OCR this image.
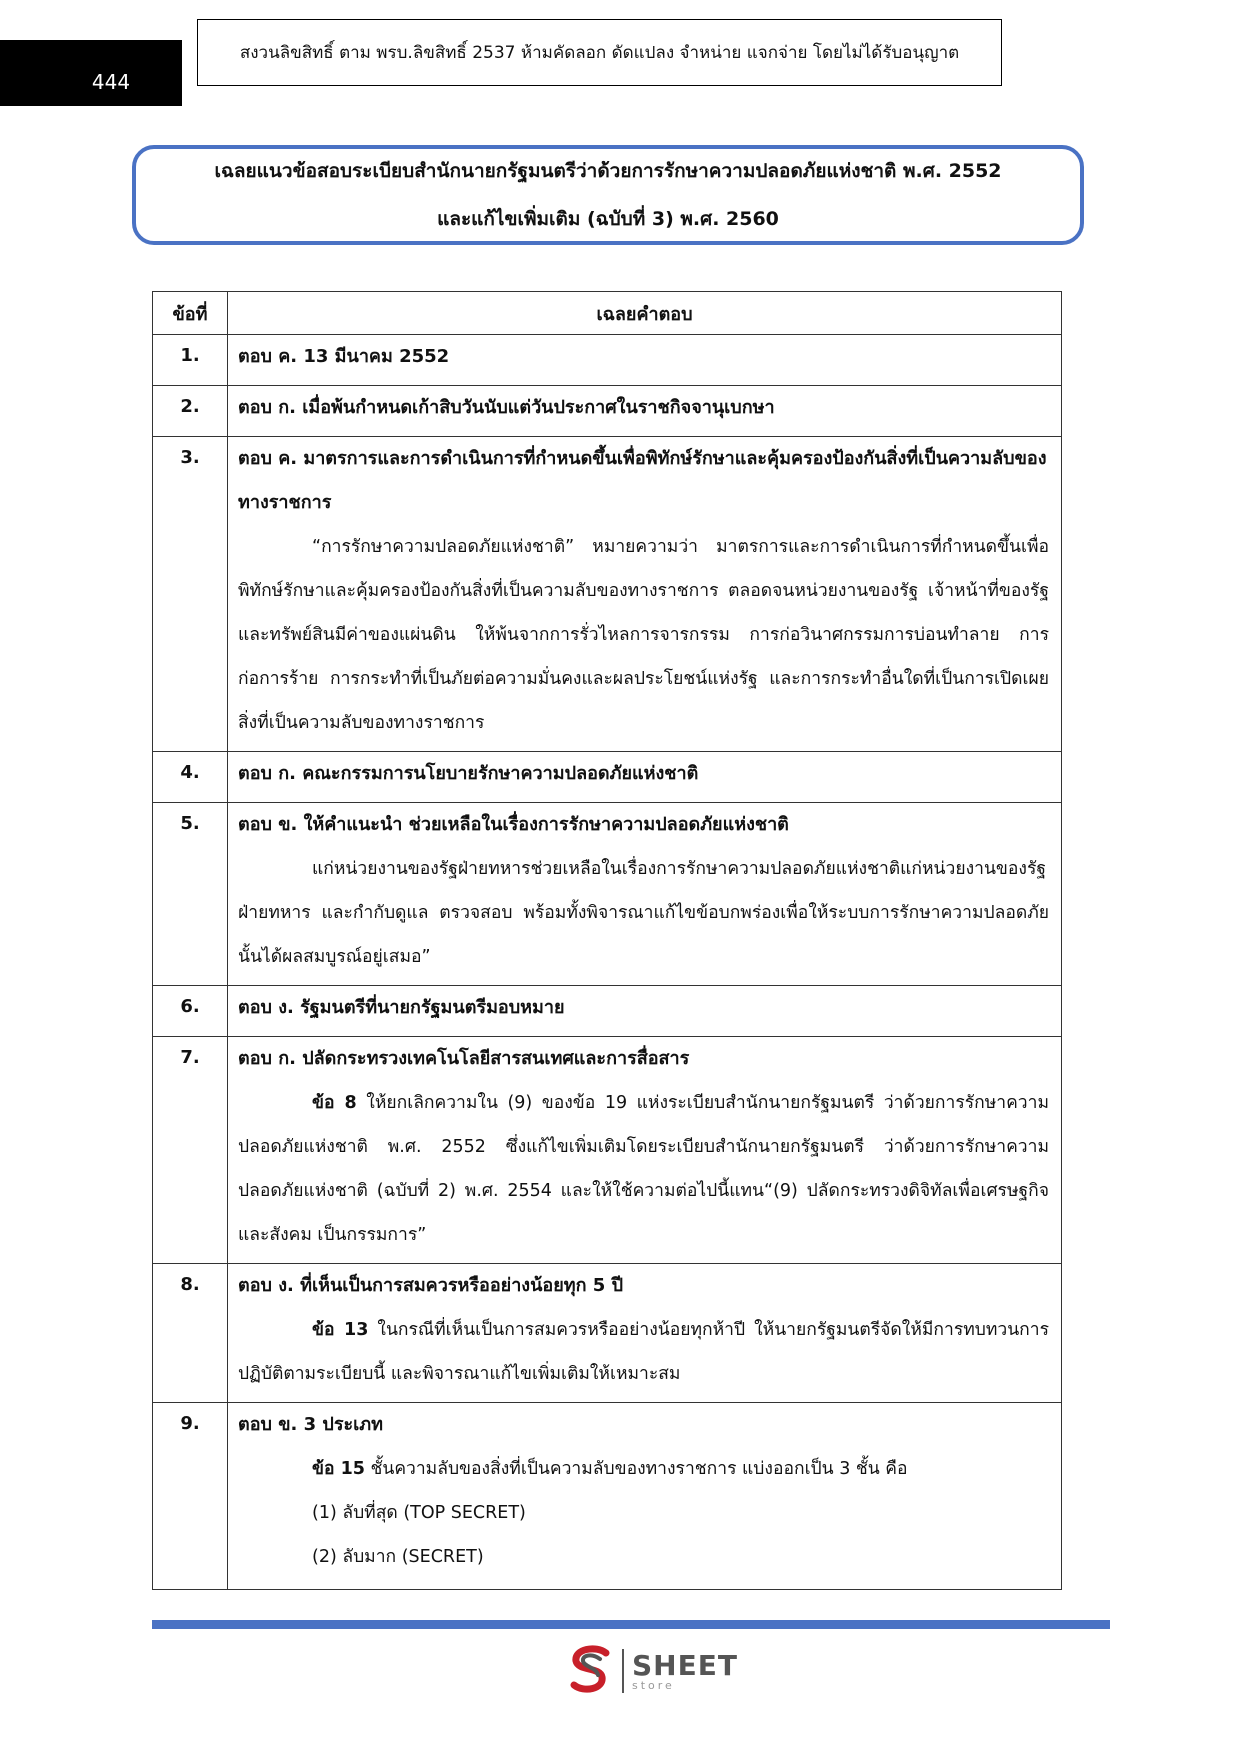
444
สงวนลิขสิทธิ์ ตาม พรบ.ลิขสิทธิ์ 2537 ห้ามคัดลอก ดัดแปลง จำหน่าย แจกจ่าย โดยไม่ได้รับอนุญาต
เฉลยแนวข้อสอบระเบียบสำนักนายกรัฐมนตรีว่าด้วยการรักษาความปลอดภัยแห่งชาติ พ.ศ. 2552
และแก้ไขเพิ่มเติม (ฉบับที่ 3) พ.ศ. 2560
ข้อที่	เฉลยคำตอบ
1.	ตอบ ค. 13 มีนาคม 2552

2.	ตอบ ก. เมื่อพ้นกำหนดเก้าสิบวันนับแต่วันประกาศในราชกิจจานุเบกษา

3.	ตอบ ค. มาตรการและการดำเนินการที่กำหนดขึ้นเพื่อพิทักษ์รักษาและคุ้มครองป้องกันสิ่งที่เป็นความลับของทางราชการ
“การรักษาความปลอดภัยแห่งชาติ” หมายความว่า มาตรการและการดำเนินการที่กำหนดขึ้นเพื่อพิทักษ์รักษาและคุ้มครองป้องกันสิ่งที่เป็นความลับของทางราชการ ตลอดจนหน่วยงานของรัฐ เจ้าหน้าที่ของรัฐ และทรัพย์สินมีค่าของแผ่นดิน ให้พ้นจากการรั่วไหลการจารกรรม การก่อวินาศกรรมการบ่อนทำลาย การก่อการร้าย การกระทำที่เป็นภัยต่อความมั่นคงและผลประโยชน์แห่งรัฐ และการกระทำอื่นใดที่เป็นการเปิดเผยสิ่งที่เป็นความลับของทางราชการ

4.	ตอบ ก. คณะกรรมการนโยบายรักษาความปลอดภัยแห่งชาติ

5.	ตอบ ข. ให้คำแนะนำ ช่วยเหลือในเรื่องการรักษาความปลอดภัยแห่งชาติ
แก่หน่วยงานของรัฐฝ่ายทหารช่วยเหลือในเรื่องการรักษาความปลอดภัยแห่งชาติแก่หน่วยงานของรัฐฝ่ายทหาร และกำกับดูแล ตรวจสอบ พร้อมทั้งพิจารณาแก้ไขข้อบกพร่องเพื่อให้ระบบการรักษาความปลอดภัยนั้นได้ผลสมบูรณ์อยู่เสมอ”

6.	ตอบ ง. รัฐมนตรีที่นายกรัฐมนตรีมอบหมาย

7.	ตอบ ก. ปลัดกระทรวงเทคโนโลยีสารสนเทศและการสื่อสาร
ข้อ 8 ให้ยกเลิกความใน (9) ของข้อ 19 แห่งระเบียบสำนักนายกรัฐมนตรี ว่าด้วยการรักษาความปลอดภัยแห่งชาติ พ.ศ. 2552 ซึ่งแก้ไขเพิ่มเติมโดยระเบียบสำนักนายกรัฐมนตรี ว่าด้วยการรักษาความปลอดภัยแห่งชาติ (ฉบับที่ 2) พ.ศ. 2554 และให้ใช้ความต่อไปนี้แทน“(9) ปลัดกระทรวงดิจิทัลเพื่อเศรษฐกิจและสังคม เป็นกรรมการ”

8.	ตอบ ง. ที่เห็นเป็นการสมควรหรืออย่างน้อยทุก 5 ปี
ข้อ 13 ในกรณีที่เห็นเป็นการสมควรหรืออย่างน้อยทุกห้าปี ให้นายกรัฐมนตรีจัดให้มีการทบทวนการปฏิบัติตามระเบียบนี้ และพิจารณาแก้ไขเพิ่มเติมให้เหมาะสม

9.	ตอบ ข. 3 ประเภท
ข้อ 15 ชั้นความลับของสิ่งที่เป็นความลับของทางราชการ แบ่งออกเป็น 3 ชั้น คือ
(1) ลับที่สุด (TOP SECRET)
(2) ลับมาก (SECRET)
SHEET
store
